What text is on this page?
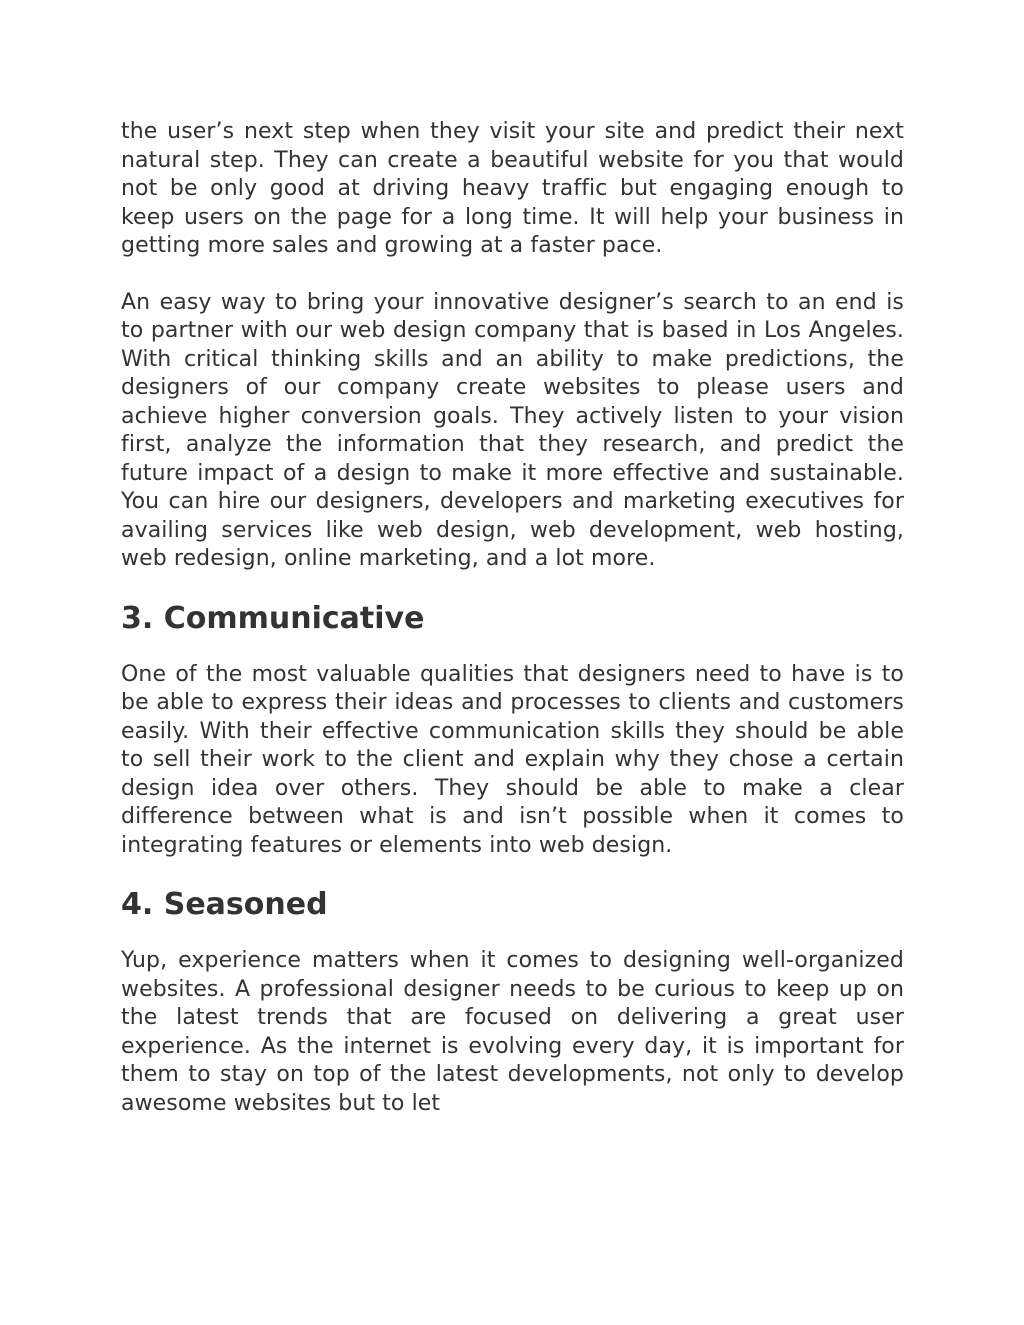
the user’s next step when they visit your site and predict their next natural step. They can create a beautiful website for you that would not be only good at driving heavy traffic but engaging enough to keep users on the page for a long time. It will help your business in getting more sales and growing at a faster pace.

An easy way to bring your innovative designer’s search to an end is to partner with our web design company that is based in Los Angeles. With critical thinking skills and an ability to make predictions, the designers of our company create websites to please users and achieve higher conversion goals. They actively listen to your vision first, analyze the information that they research, and predict the future impact of a design to make it more effective and sustainable. You can hire our designers, developers and marketing executives for availing services like web design, web development, web hosting, web redesign, online marketing, and a lot more.

3. Communicative

One of the most valuable qualities that designers need to have is to be able to express their ideas and processes to clients and customers easily. With their effective communication skills they should be able to sell their work to the client and explain why they chose a certain design idea over others. They should be able to make a clear difference between what is and isn’t possible when it comes to integrating features or elements into web design.

4. Seasoned

Yup, experience matters when it comes to designing well-organized websites. A professional designer needs to be curious to keep up on the latest trends that are focused on delivering a great user experience. As the internet is evolving every day, it is important for them to stay on top of the latest developments, not only to develop awesome websites but to let
